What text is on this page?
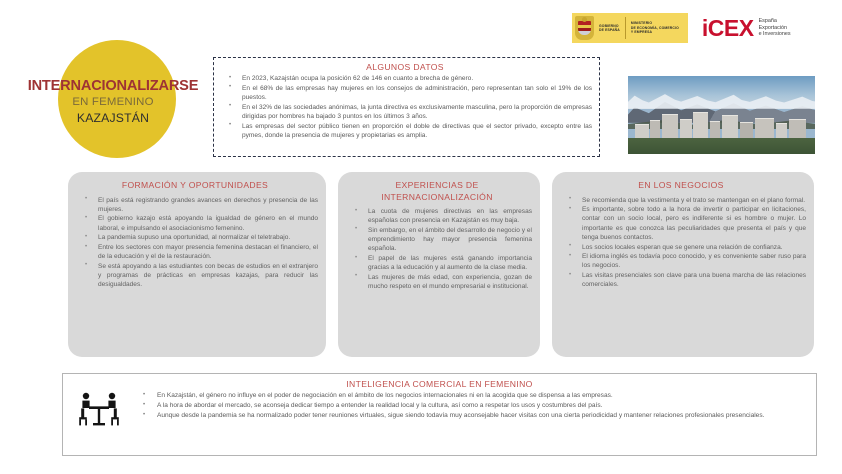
GOBIERNO
DE ESPAÑA
MINISTERIO
DE ECONOMÍA, COMERCIO
Y EMPRESA	iCEX España
Exportación
e Inversiones
INTERNACIONALIZARSE
EN FEMENINO
KAZAJSTÁN
ALGUNOS DATOS
• En 2023, Kazajstán ocupa la posición 62 de 146 en cuanto a brecha de género.
• En el 68% de las empresas hay mujeres en los consejos de administración, pero representan tan solo el 19% de los puestos.
• En el 32% de las sociedades anónimas, la junta directiva es exclusivamente masculina, pero la proporción de empresas dirigidas por hombres ha bajado 3 puntos en los últimos 3 años.
• Las empresas del sector público tienen en proporción el doble de directivas que el sector privado, excepto entre las pymes, donde la presencia de mujeres y propietarias es amplia.
FORMACIÓN Y OPORTUNIDADES
• El país está registrando grandes avances en derechos y presencia de las mujeres.
• El gobierno kazajo está apoyando la igualdad de género en el mundo laboral, e impulsando el asociacionismo femenino.
• La pandemia supuso una oportunidad, al normalizar el teletrabajo.
• Entre los sectores con mayor presencia femenina destacan el financiero, el de la educación y el de la restauración.
• Se está apoyando a las estudiantes con becas de estudios en el extranjero y programas de prácticas en empresas kazajas, para reducir las desigualdades.
EXPERIENCIAS DE INTERNACIONALIZACIÓN
• La cuota de mujeres directivas en las empresas españolas con presencia en Kazajstán es muy baja.
• Sin embargo, en el ámbito del desarrollo de negocio y el emprendimiento hay mayor presencia femenina española.
• El papel de las mujeres está ganando importancia gracias a la educación y al aumento de la clase media.
• Las mujeres de más edad, con experiencia, gozan de mucho respeto en el mundo empresarial e institucional.
EN LOS NEGOCIOS
• Se recomienda que la vestimenta y el trato se mantengan en el plano formal.
• Es importante, sobre todo a la hora de invertir o participar en licitaciones, contar con un socio local, pero es indiferente si es hombre o mujer. Lo importante es que conozca las peculiaridades que presenta el país y que tenga buenos contactos.
• Los socios locales esperan que se genere una relación de confianza.
• El idioma inglés es todavía poco conocido, y es conveniente saber ruso para los negocios.
• Las visitas presenciales son clave para una buena marcha de las relaciones comerciales.
INTELIGENCIA COMERCIAL EN FEMENINO
• En Kazajstán, el género no influye en el poder de negociación en el ámbito de los negocios internacionales ni en la acogida que se dispensa a las empresas.
• A la hora de abordar el mercado, se aconseja dedicar tiempo a entender la realidad local y la cultura, así como a respetar los usos y costumbres del país.
• Aunque desde la pandemia se ha normalizado poder tener reuniones virtuales, sigue siendo todavía muy aconsejable hacer visitas con una cierta periodicidad y mantener relaciones profesionales presenciales.
